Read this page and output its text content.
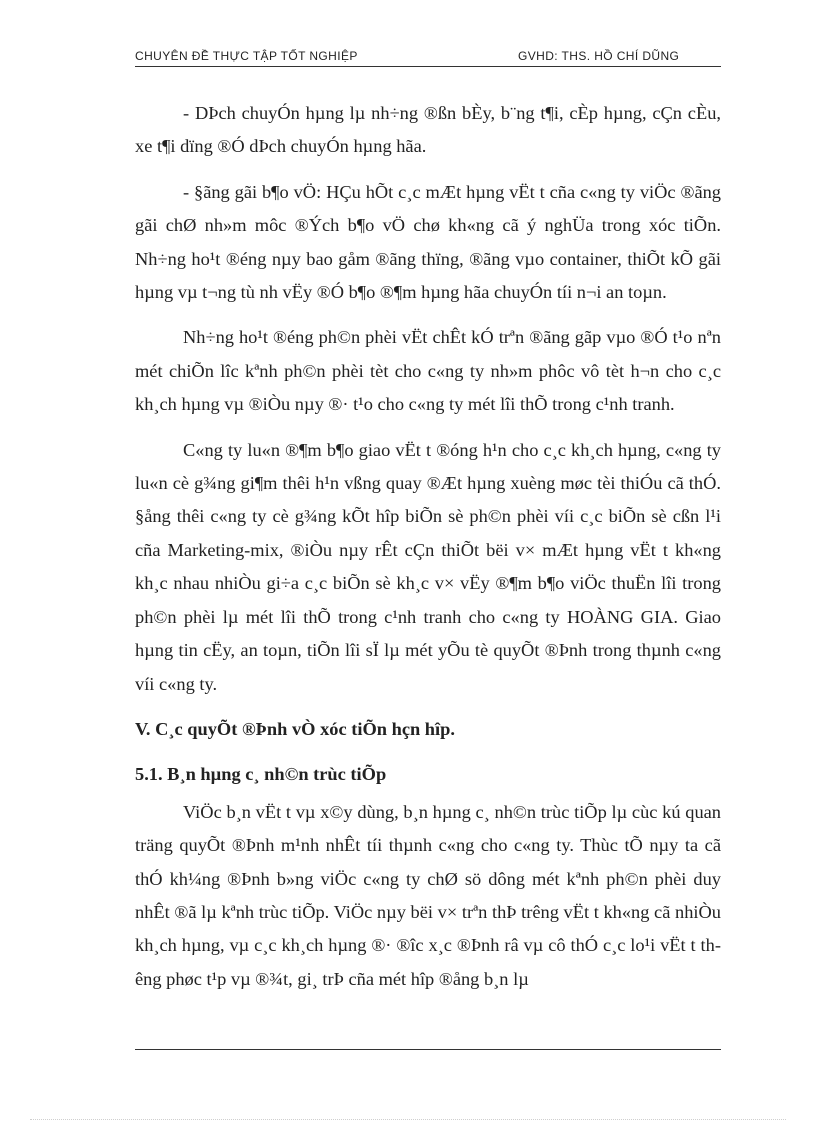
CHUYÊN ĐỀ THỰC TẬP TỐT NGHIỆP	GVHD: THS. HỒ CHÍ DŨNG

- DÞch chuyÓn hµng lµ nh÷ng ®ßn bÈy, b¨ng t¶i, cÈp hµng, cÇn cÈu, xe t¶i dïng ®Ó dÞch chuyÓn hµng hãa.

- §ãng gãi b¶o vÖ: HÇu hÕt c¸c mÆt hµng vËt t cña c«ng ty viÖc ®ãng gãi chØ nh»m môc ®Ých b¶o vÖ chø kh«ng cã ý nghÜa trong xóc tiÕn. Nh÷ng ho¹t ®éng nµy bao gåm ®ãng thïng, ®ãng vµo container, thiÕt kÕ gãi hµng vµ t¬ng tù nh vËy ®Ó b¶o ®¶m hµng hãa chuyÓn tíi n¬i an toµn.

Nh÷ng ho¹t ®éng ph©n phèi vËt chÊt kÓ trªn ®ãng gãp vµo ®Ó t¹o nªn mét chiÕn lîc kªnh ph©n phèi tèt cho c«ng ty nh»m phôc vô tèt h¬n cho c¸c kh¸ch hµng vµ ®iÒu nµy ®· t¹o cho c«ng ty mét lîi thÕ trong c¹nh tranh.

C«ng ty lu«n ®¶m b¶o giao vËt t ®óng h¹n cho c¸c kh¸ch hµng, c«ng ty lu«n cè g¾ng gi¶m thêi h¹n vßng quay ®Æt hµng xuèng møc tèi thiÓu cã thÓ. §ång thêi c«ng ty cè g¾ng kÕt hîp biÕn sè ph©n phèi víi c¸c biÕn sè cßn l¹i cña Marketing-mix, ®iÒu nµy rÊt cÇn thiÕt bëi v× mÆt hµng vËt t kh«ng kh¸c nhau nhiÒu gi÷a c¸c biÕn sè kh¸c v× vËy ®¶m b¶o viÖc thuËn lîi trong ph©n phèi lµ mét lîi thÕ trong c¹nh tranh cho c«ng ty HOÀNG GIA. Giao hµng tin cËy, an toµn, tiÕn lîi sÏ lµ mét yÕu tè quyÕt ®Þnh trong thµnh c«ng víi c«ng ty.

V. C¸c quyÕt ®Þnh vÒ xóc tiÕn hçn hîp.
5.1. B¸n hµng c¸ nh©n trùc tiÕp

ViÖc b¸n vËt t vµ x©y dùng, b¸n hµng c¸ nh©n trùc tiÕp lµ cùc kú quan träng quyÕt ®Þnh m¹nh nhÊt tíi thµnh c«ng cho c«ng ty. Thùc tÕ nµy ta cã thÓ kh¼ng ®Þnh b»ng viÖc c«ng ty chØ sö dông mét kªnh ph©n phèi duy nhÊt ®ã lµ kªnh trùc tiÕp. ViÖc nµy bëi v× trªn thÞ trêng vËt t kh«ng cã nhiÒu kh¸ch hµng, vµ c¸c kh¸ch hµng ®· ®îc x¸c ®Þnh râ vµ cô thÓ c¸c lo¹i vËt t thêng phøc t¹p vµ ®¾t, gi¸ trÞ cña mét hîp ®ång b¸n lµ
